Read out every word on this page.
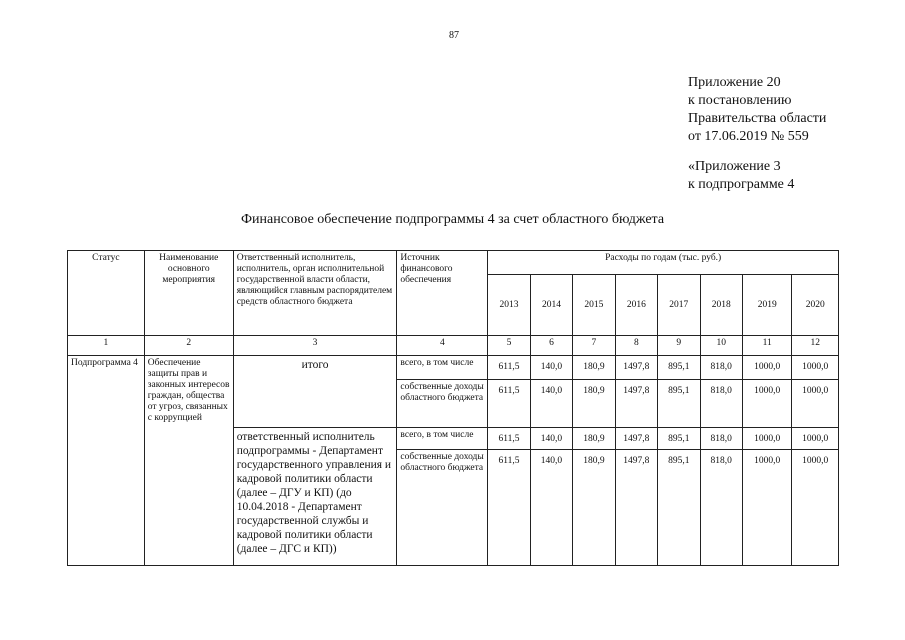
87
Приложение 20
к постановлению
Правительства области
от 17.06.2019 № 559
«Приложение 3
к подпрограмме 4
Финансовое обеспечение подпрограммы 4 за счет областного бюджета
Статус	Наименование основного мероприятия	Ответственный исполнитель, исполнитель, орган исполнительной государственной власти области, являющийся главным распорядителем средств областного бюджета	Источник финансового обеспечения	Расходы по годам (тыс. руб.)							
				2013	2014	2015	2016	2017	2018	2019	2020
1	2	3	4	5	6	7	8	9	10	11	12
Подпрограмма 4	Обеспечение защиты прав и законных интересов граждан, общества от угроз, связанных с коррупцией	итого	всего, в том числе	611,5	140,0	180,9	1497,8	895,1	818,0	1000,0	1000,0
			собственные доходы областного бюджета	611,5	140,0	180,9	1497,8	895,1	818,0	1000,0	1000,0
		ответственный исполнитель подпрограммы - Департамент государственного управления и кадровой политики области (далее – ДГУ и КП) (до 10.04.2018 - Департамент государственной службы и кадровой политики области (далее – ДГС и КП))	всего, в том числе	611,5	140,0	180,9	1497,8	895,1	818,0	1000,0	1000,0
			собственные доходы областного бюджета	611,5	140,0	180,9	1497,8	895,1	818,0	1000,0	1000,0
